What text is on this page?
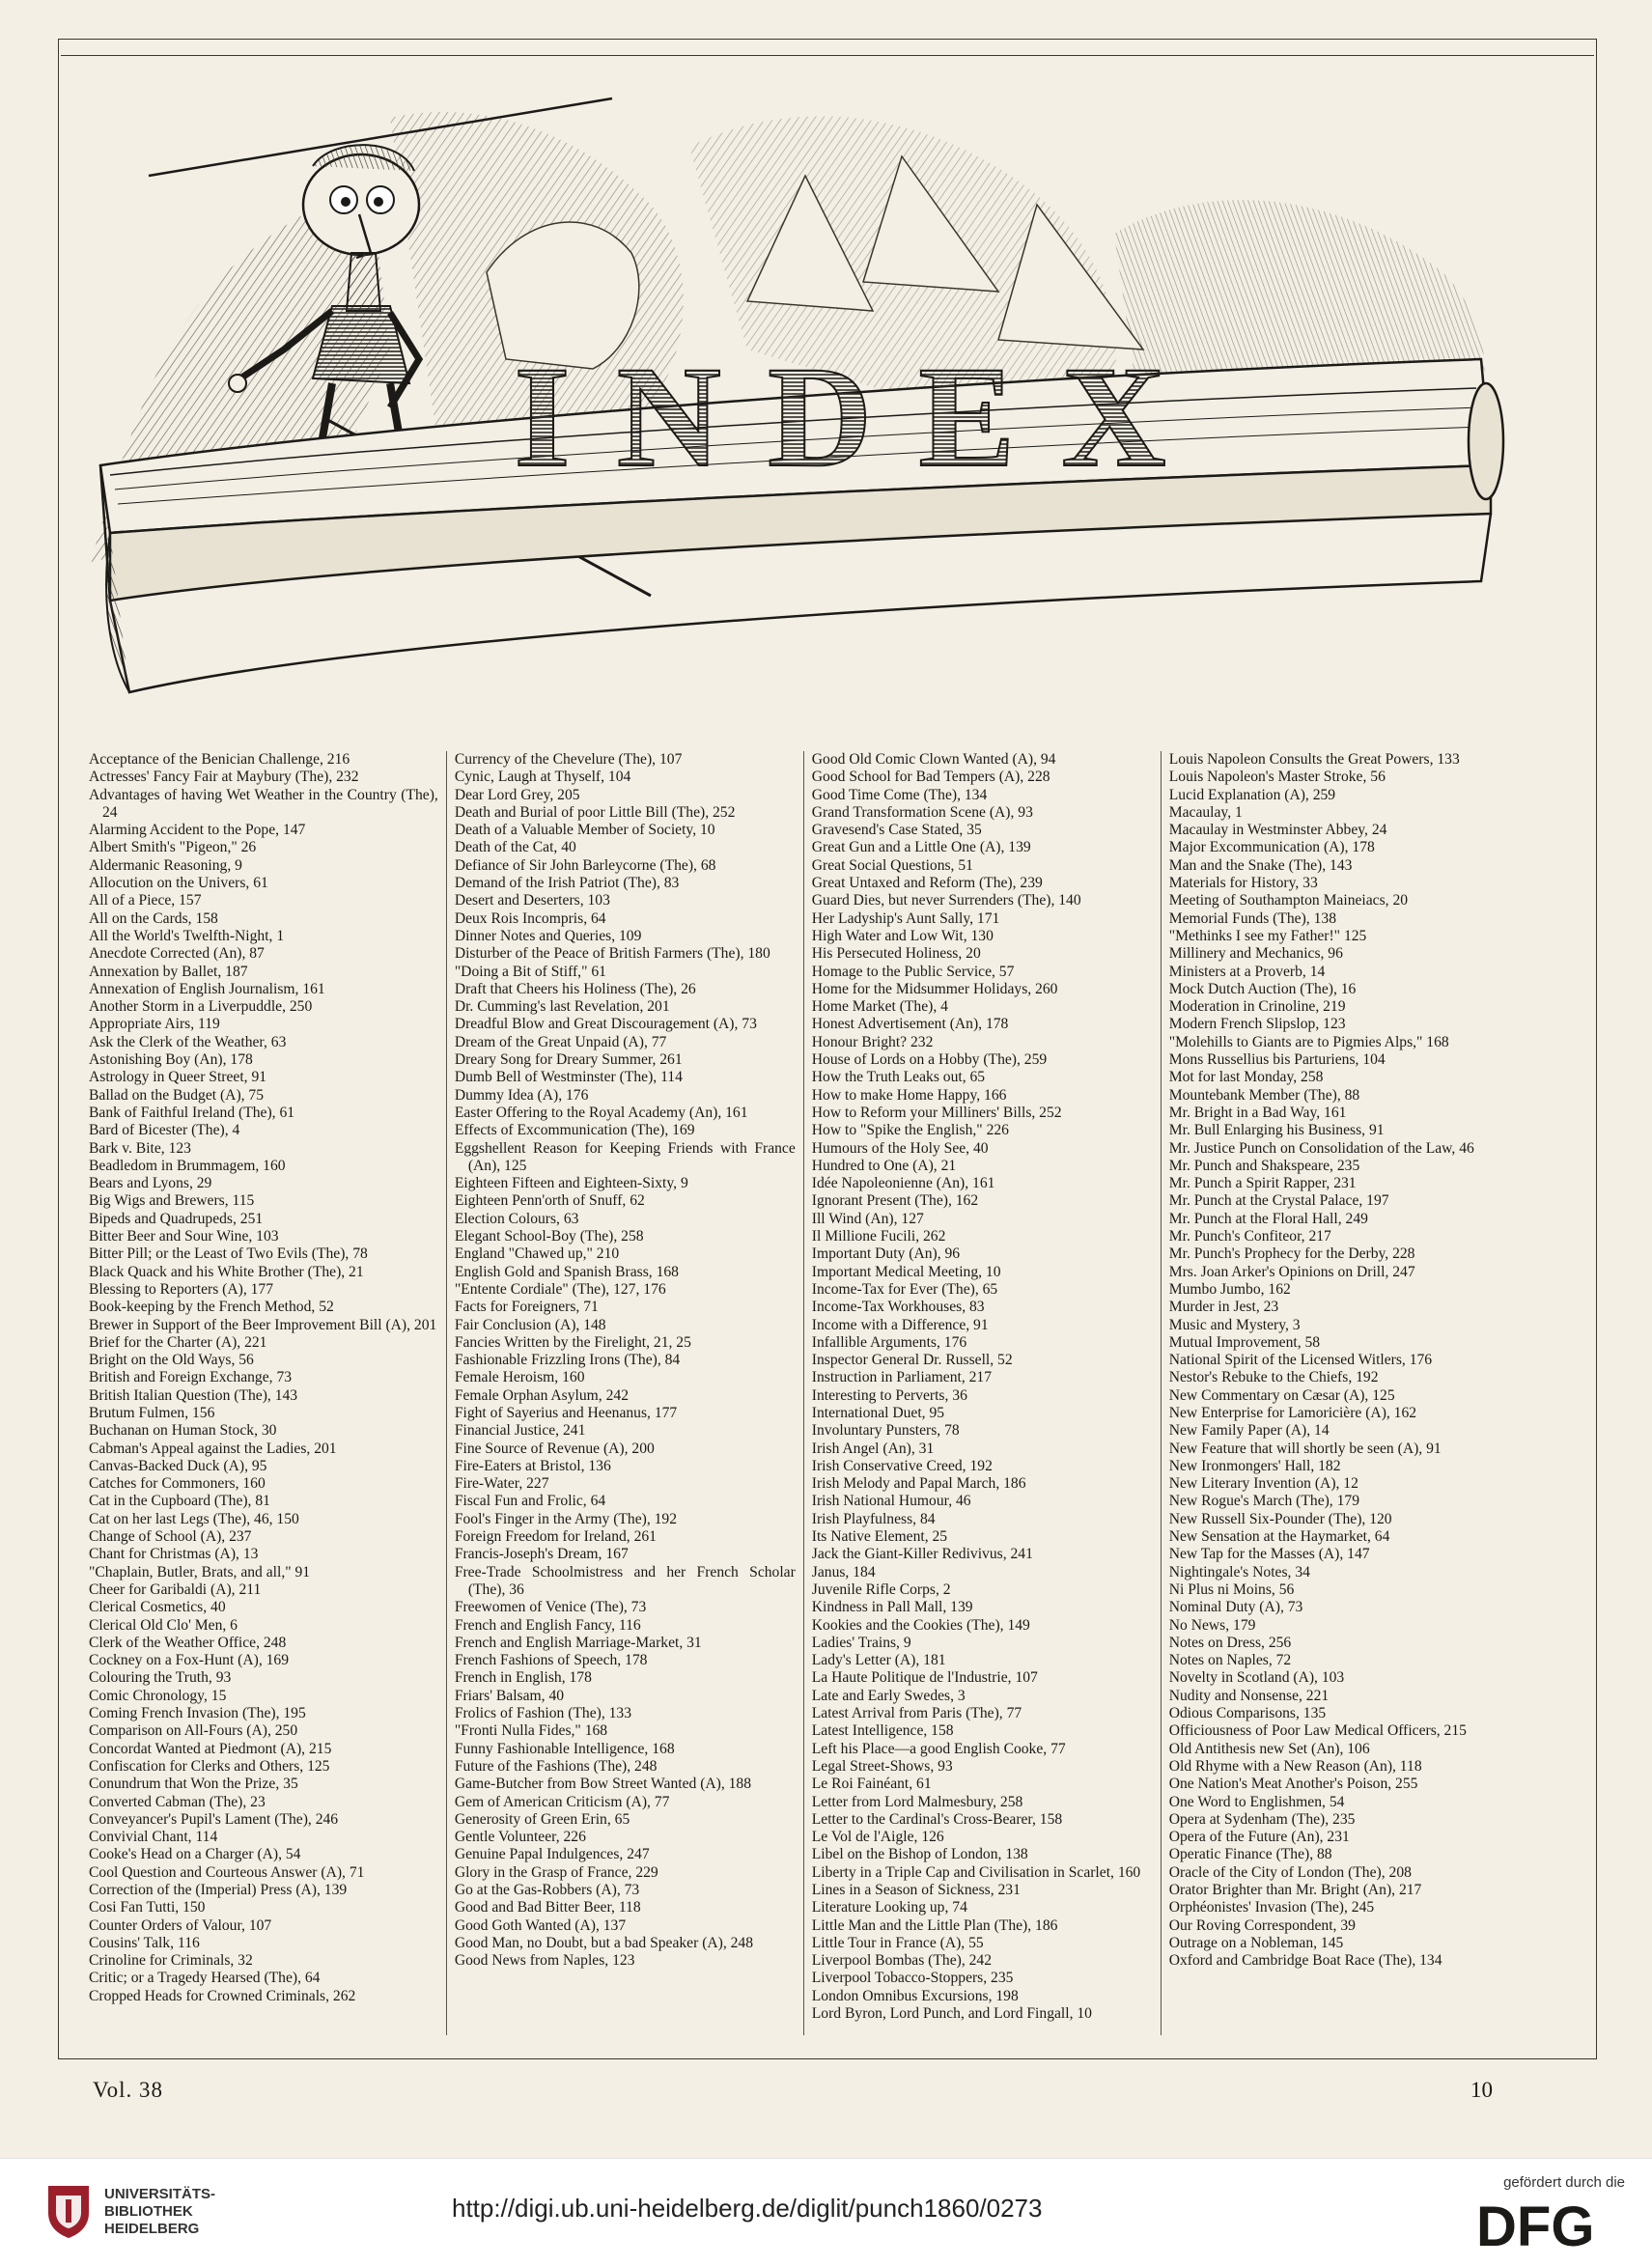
INDEX
Acceptance of the Benician Challenge, 216
Actresses' Fancy Fair at Maybury (The), 232
Advantages of having Wet Weather in the Country (The), 24
Alarming Accident to the Pope, 147
Albert Smith's "Pigeon," 26
Aldermanic Reasoning, 9
Allocution on the Univers, 61
All of a Piece, 157
All on the Cards, 158
All the World's Twelfth-Night, 1
Anecdote Corrected (An), 87
Annexation by Ballet, 187
Annexation of English Journalism, 161
Another Storm in a Liverpuddle, 250
Appropriate Airs, 119
Ask the Clerk of the Weather, 63
Astonishing Boy (An), 178
Astrology in Queer Street, 91
Ballad on the Budget (A), 75
Bank of Faithful Ireland (The), 61
Bard of Bicester (The), 4
Bark v. Bite, 123
Beadledom in Brummagem, 160
Bears and Lyons, 29
Big Wigs and Brewers, 115
Bipeds and Quadrupeds, 251
Bitter Beer and Sour Wine, 103
Bitter Pill; or the Least of Two Evils (The), 78
Black Quack and his White Brother (The), 21
Blessing to Reporters (A), 177
Book-keeping by the French Method, 52
Brewer in Support of the Beer Improvement Bill (A), 201
Brief for the Charter (A), 221
Bright on the Old Ways, 56
British and Foreign Exchange, 73
British Italian Question (The), 143
Brutum Fulmen, 156
Buchanan on Human Stock, 30
Cabman's Appeal against the Ladies, 201
Canvas-Backed Duck (A), 95
Catches for Commoners, 160
Cat in the Cupboard (The), 81
Cat on her last Legs (The), 46, 150
Change of School (A), 237
Chant for Christmas (A), 13
"Chaplain, Butler, Brats, and all," 91
Cheer for Garibaldi (A), 211
Clerical Cosmetics, 40
Clerical Old Clo' Men, 6
Clerk of the Weather Office, 248
Cockney on a Fox-Hunt (A), 169
Colouring the Truth, 93
Comic Chronology, 15
Coming French Invasion (The), 195
Comparison on All-Fours (A), 250
Concordat Wanted at Piedmont (A), 215
Confiscation for Clerks and Others, 125
Conundrum that Won the Prize, 35
Converted Cabman (The), 23
Conveyancer's Pupil's Lament (The), 246
Convivial Chant, 114
Cooke's Head on a Charger (A), 54
Cool Question and Courteous Answer (A), 71
Correction of the (Imperial) Press (A), 139
Cosi Fan Tutti, 150
Counter Orders of Valour, 107
Cousins' Talk, 116
Crinoline for Criminals, 32
Critic; or a Tragedy Hearsed (The), 64
Cropped Heads for Crowned Criminals, 262
Currency of the Chevelure (The), 107
Cynic, Laugh at Thyself, 104
Dear Lord Grey, 205
Death and Burial of poor Little Bill (The), 252
Death of a Valuable Member of Society, 10
Death of the Cat, 40
Defiance of Sir John Barleycorne (The), 68
Demand of the Irish Patriot (The), 83
Desert and Deserters, 103
Deux Rois Incompris, 64
Dinner Notes and Queries, 109
Disturber of the Peace of British Farmers (The), 180
"Doing a Bit of Stiff," 61
Draft that Cheers his Holiness (The), 26
Dr. Cumming's last Revelation, 201
Dreadful Blow and Great Discouragement (A), 73
Dream of the Great Unpaid (A), 77
Dreary Song for Dreary Summer, 261
Dumb Bell of Westminster (The), 114
Dummy Idea (A), 176
Easter Offering to the Royal Academy (An), 161
Effects of Excommunication (The), 169
Eggshellent Reason for Keeping Friends with France (An), 125
Eighteen Fifteen and Eighteen-Sixty, 9
Eighteen Penn'orth of Snuff, 62
Election Colours, 63
Elegant School-Boy (The), 258
England "Chawed up," 210
English Gold and Spanish Brass, 168
"Entente Cordiale" (The), 127, 176
Facts for Foreigners, 71
Fair Conclusion (A), 148
Fancies Written by the Firelight, 21, 25
Fashionable Frizzling Irons (The), 84
Female Heroism, 160
Female Orphan Asylum, 242
Fight of Sayerius and Heenanus, 177
Financial Justice, 241
Fine Source of Revenue (A), 200
Fire-Eaters at Bristol, 136
Fire-Water, 227
Fiscal Fun and Frolic, 64
Fool's Finger in the Army (The), 192
Foreign Freedom for Ireland, 261
Francis-Joseph's Dream, 167
Free-Trade Schoolmistress and her French Scholar (The), 36
Freewomen of Venice (The), 73
French and English Fancy, 116
French and English Marriage-Market, 31
French Fashions of Speech, 178
French in English, 178
Friars' Balsam, 40
Frolics of Fashion (The), 133
"Fronti Nulla Fides," 168
Funny Fashionable Intelligence, 168
Future of the Fashions (The), 248
Game-Butcher from Bow Street Wanted (A), 188
Gem of American Criticism (A), 77
Generosity of Green Erin, 65
Gentle Volunteer, 226
Genuine Papal Indulgences, 247
Glory in the Grasp of France, 229
Go at the Gas-Robbers (A), 73
Good and Bad Bitter Beer, 118
Good Goth Wanted (A), 137
Good Man, no Doubt, but a bad Speaker (A), 248
Good News from Naples, 123
Good Old Comic Clown Wanted (A), 94
Good School for Bad Tempers (A), 228
Good Time Come (The), 134
Grand Transformation Scene (A), 93
Gravesend's Case Stated, 35
Great Gun and a Little One (A), 139
Great Social Questions, 51
Great Untaxed and Reform (The), 239
Guard Dies, but never Surrenders (The), 140
Her Ladyship's Aunt Sally, 171
High Water and Low Wit, 130
His Persecuted Holiness, 20
Homage to the Public Service, 57
Home for the Midsummer Holidays, 260
Home Market (The), 4
Honest Advertisement (An), 178
Honour Bright? 232
House of Lords on a Hobby (The), 259
How the Truth Leaks out, 65
How to make Home Happy, 166
How to Reform your Milliners' Bills, 252
How to "Spike the English," 226
Humours of the Holy See, 40
Hundred to One (A), 21
Idée Napoleonienne (An), 161
Ignorant Present (The), 162
Ill Wind (An), 127
Il Millione Fucili, 262
Important Duty (An), 96
Important Medical Meeting, 10
Income-Tax for Ever (The), 65
Income-Tax Workhouses, 83
Income with a Difference, 91
Infallible Arguments, 176
Inspector General Dr. Russell, 52
Instruction in Parliament, 217
Interesting to Perverts, 36
International Duet, 95
Involuntary Punsters, 78
Irish Angel (An), 31
Irish Conservative Creed, 192
Irish Melody and Papal March, 186
Irish National Humour, 46
Irish Playfulness, 84
Its Native Element, 25
Jack the Giant-Killer Redivivus, 241
Janus, 184
Juvenile Rifle Corps, 2
Kindness in Pall Mall, 139
Kookies and the Cookies (The), 149
Ladies' Trains, 9
Lady's Letter (A), 181
La Haute Politique de l'Industrie, 107
Late and Early Swedes, 3
Latest Arrival from Paris (The), 77
Latest Intelligence, 158
Left his Place—a good English Cooke, 77
Legal Street-Shows, 93
Le Roi Fainéant, 61
Letter from Lord Malmesbury, 258
Letter to the Cardinal's Cross-Bearer, 158
Le Vol de l'Aigle, 126
Libel on the Bishop of London, 138
Liberty in a Triple Cap and Civilisation in Scarlet, 160
Lines in a Season of Sickness, 231
Literature Looking up, 74
Little Man and the Little Plan (The), 186
Little Tour in France (A), 55
Liverpool Bombas (The), 242
Liverpool Tobacco-Stoppers, 235
London Omnibus Excursions, 198
Lord Byron, Lord Punch, and Lord Fingall, 10
Louis Napoleon Consults the Great Powers, 133
Louis Napoleon's Master Stroke, 56
Lucid Explanation (A), 259
Macaulay, 1
Macaulay in Westminster Abbey, 24
Major Excommunication (A), 178
Man and the Snake (The), 143
Materials for History, 33
Meeting of Southampton Maineiacs, 20
Memorial Funds (The), 138
"Methinks I see my Father!" 125
Millinery and Mechanics, 96
Ministers at a Proverb, 14
Mock Dutch Auction (The), 16
Moderation in Crinoline, 219
Modern French Slipslop, 123
"Molehills to Giants are to Pigmies Alps," 168
Mons Russellius bis Parturiens, 104
Mot for last Monday, 258
Mountebank Member (The), 88
Mr. Bright in a Bad Way, 161
Mr. Bull Enlarging his Business, 91
Mr. Justice Punch on Consolidation of the Law, 46
Mr. Punch and Shakspeare, 235
Mr. Punch a Spirit Rapper, 231
Mr. Punch at the Crystal Palace, 197
Mr. Punch at the Floral Hall, 249
Mr. Punch's Confiteor, 217
Mr. Punch's Prophecy for the Derby, 228
Mrs. Joan Arker's Opinions on Drill, 247
Mumbo Jumbo, 162
Murder in Jest, 23
Music and Mystery, 3
Mutual Improvement, 58
National Spirit of the Licensed Witlers, 176
Nestor's Rebuke to the Chiefs, 192
New Commentary on Cæsar (A), 125
New Enterprise for Lamoricière (A), 162
New Family Paper (A), 14
New Feature that will shortly be seen (A), 91
New Ironmongers' Hall, 182
New Literary Invention (A), 12
New Rogue's March (The), 179
New Russell Six-Pounder (The), 120
New Sensation at the Haymarket, 64
New Tap for the Masses (A), 147
Nightingale's Notes, 34
Ni Plus ni Moins, 56
Nominal Duty (A), 73
No News, 179
Notes on Dress, 256
Notes on Naples, 72
Novelty in Scotland (A), 103
Nudity and Nonsense, 221
Odious Comparisons, 135
Officiousness of Poor Law Medical Officers, 215
Old Antithesis new Set (An), 106
Old Rhyme with a New Reason (An), 118
One Nation's Meat Another's Poison, 255
One Word to Englishmen, 54
Opera at Sydenham (The), 235
Opera of the Future (An), 231
Operatic Finance (The), 88
Oracle of the City of London (The), 208
Orator Brighter than Mr. Bright (An), 217
Orphéonistes' Invasion (The), 245
Our Roving Correspondent, 39
Outrage on a Nobleman, 145
Oxford and Cambridge Boat Race (The), 134
Vol. 38	10
UNIVERSITÄTS-
BIBLIOTHEK
HEIDELBERG
http://digi.ub.uni-heidelberg.de/diglit/punch1860/0273
gefördert durch die
DFG
